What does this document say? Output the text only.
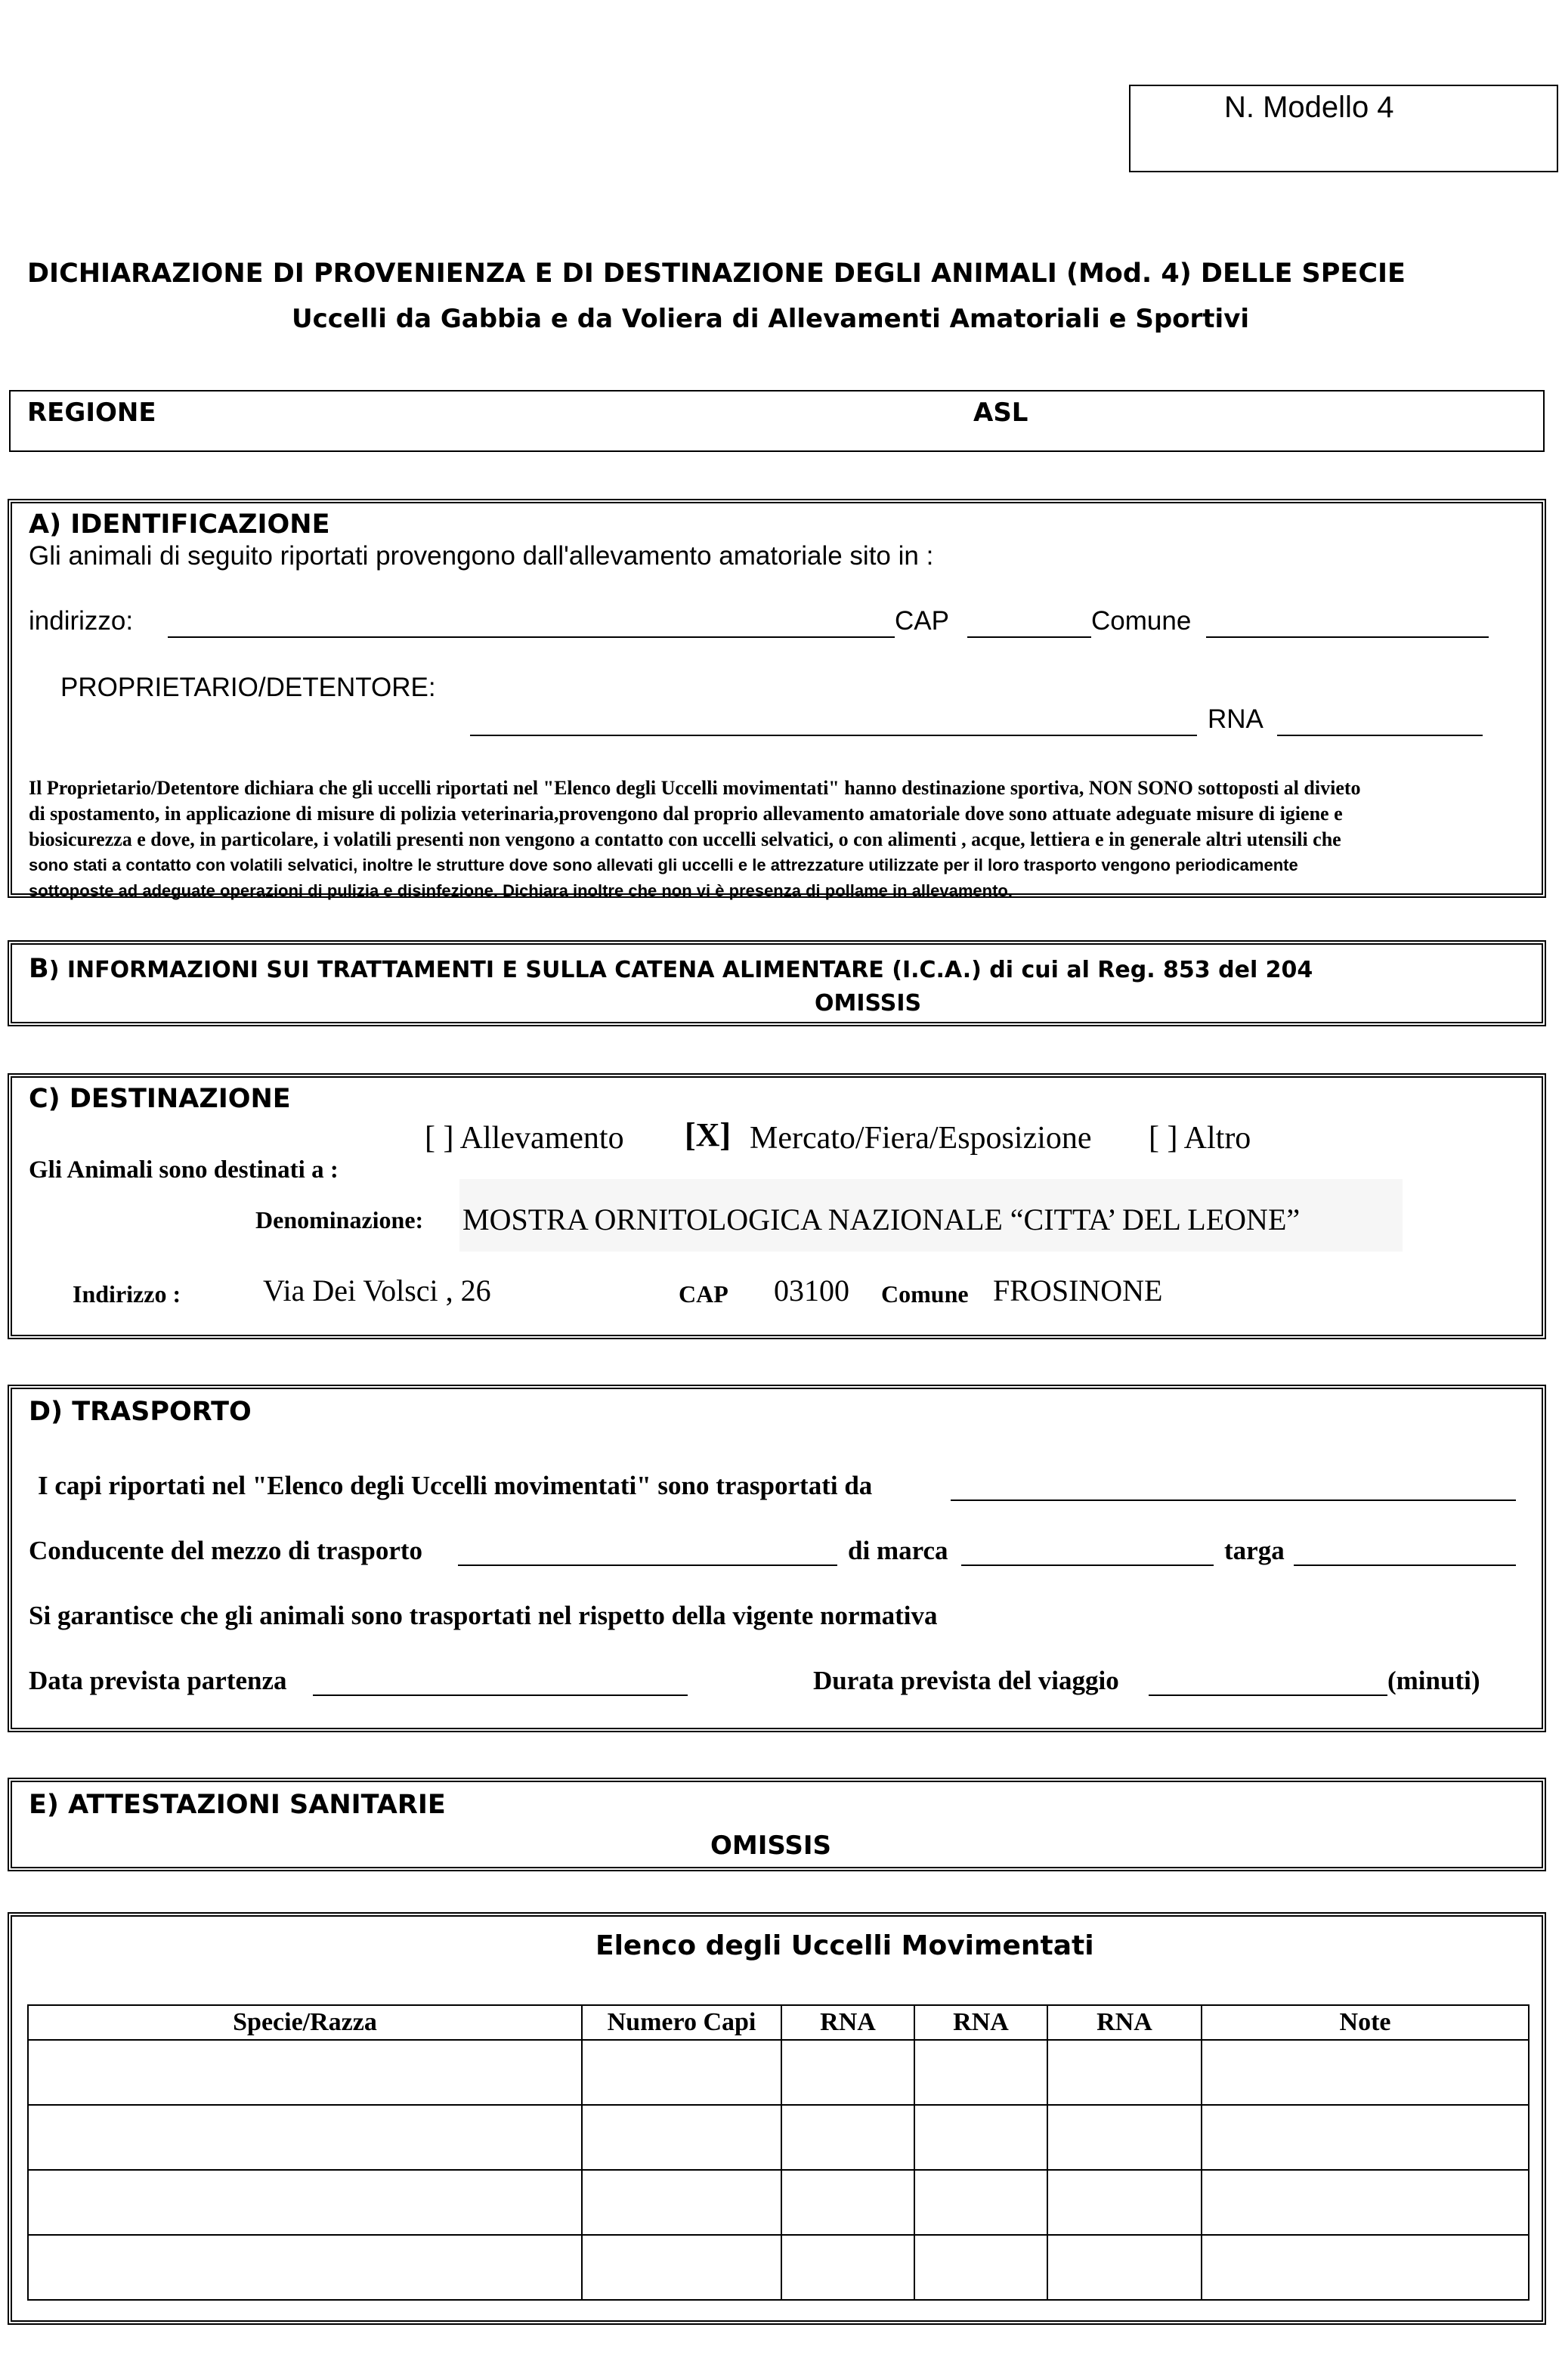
N. Modello 4
DICHIARAZIONE DI PROVENIENZA E DI DESTINAZIONE DEGLI ANIMALI (Mod. 4) DELLE SPECIE
Uccelli da Gabbia e da Voliera di Allevamenti Amatoriali e Sportivi
REGIONE	ASL
A) IDENTIFICAZIONE
Gli animali di seguito riportati provengono dall'allevamento amatoriale sito in :
indirizzo:	CAP	Comune
PROPRIETARIO/DETENTORE:
RNA
Il Proprietario/Detentore dichiara che gli uccelli riportati nel "Elenco degli Uccelli movimentati" hanno destinazione sportiva, NON SONO sottoposti al divieto
di spostamento, in applicazione di misure di polizia veterinaria,provengono dal proprio allevamento amatoriale dove sono attuate adeguate misure di igiene e
biosicurezza e dove, in particolare, i volatili presenti non vengono a contatto con uccelli selvatici, o con alimenti , acque, lettiera e in generale altri utensili che
sono stati a contatto con volatili selvatici, inoltre le strutture dove sono allevati gli uccelli e le attrezzature utilizzate per il loro trasporto vengono periodicamente
sottoposte ad adeguate operazioni di pulizia e disinfezione. Dichiara inoltre che non vi è presenza di pollame in allevamento.
B) INFORMAZIONI SUI TRATTAMENTI E SULLA CATENA ALIMENTARE (I.C.A.) di cui al Reg. 853 del 204
OMISSIS
C) DESTINAZIONE
Gli Animali sono destinati a :
[ ] Allevamento [X] Mercato/Fiera/Esposizione [ ] Altro
Denominazione: MOSTRA ORNITOLOGICA NAZIONALE “CITTA’ DEL LEONE”
Indirizzo :	Via Dei Volsci , 26	CAP 03100 Comune FROSINONE
D) TRASPORTO
I capi riportati nel "Elenco degli Uccelli movimentati" sono trasportati da
Conducente del mezzo di trasporto	di marca	targa
Si garantisce che gli animali sono trasportati nel rispetto della vigente normativa
Data prevista partenza	Durata prevista del viaggio	(minuti)
E) ATTESTAZIONI SANITARIE
OMISSIS
Elenco degli Uccelli Movimentati
Specie/Razza	Numero Capi	RNA	RNA	RNA	Note
